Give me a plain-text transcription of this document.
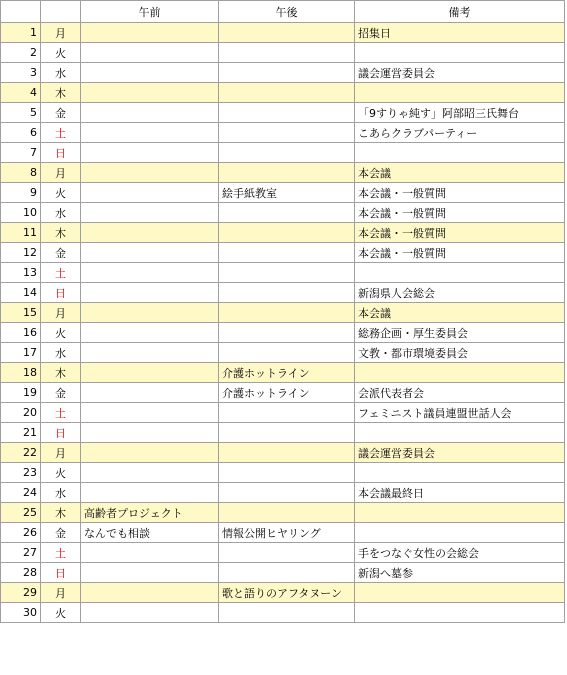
		午前	午後	備考
1	月			招集日
2	火			
3	水			議会運営委員会
4	木			
5	金			「9すりゃ純す」阿部昭三氏舞台
6	土			こあらクラブパーティー
7	日			
8	月			本会議
9	火		絵手紙教室	本会議・一般質問
10	水			本会議・一般質問
11	木			本会議・一般質問
12	金			本会議・一般質問
13	土			
14	日			新潟県人会総会
15	月			本会議
16	火			総務企画・厚生委員会
17	水			文教・都市環境委員会
18	木		介護ホットライン	
19	金		介護ホットライン	会派代表者会
20	土			フェミニスト議員連盟世話人会
21	日			
22	月			議会運営委員会
23	火			
24	水			本会議最終日
25	木	高齢者プロジェクト		
26	金	なんでも相談	情報公開ヒヤリング	
27	土			手をつなぐ女性の会総会
28	日			新潟へ墓参
29	月		歌と語りのアフタヌーン	
30	火			
